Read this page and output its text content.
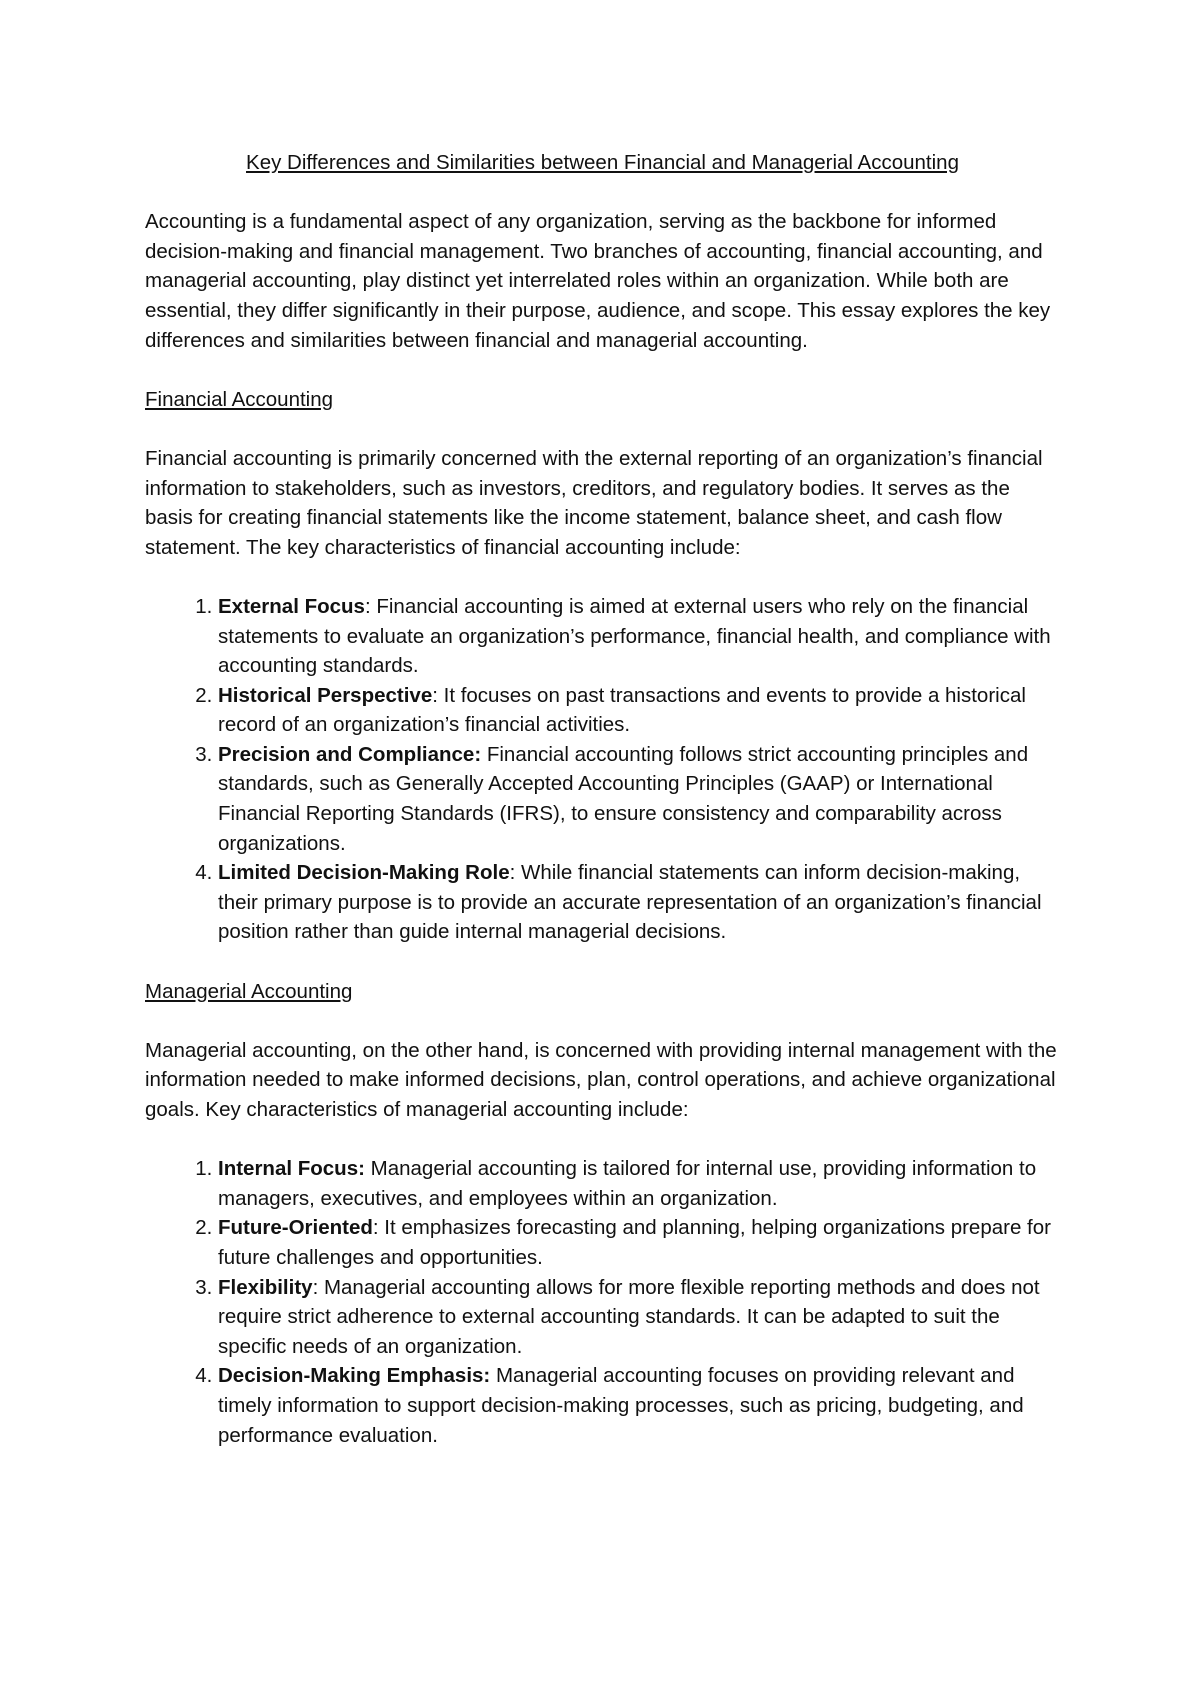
Key Differences and Similarities between Financial and Managerial Accounting

Accounting is a fundamental aspect of any organization, serving as the backbone for informed decision-making and financial management. Two branches of accounting, financial accounting, and managerial accounting, play distinct yet interrelated roles within an organization. While both are essential, they differ significantly in their purpose, audience, and scope. This essay explores the key differences and similarities between financial and managerial accounting.

Financial Accounting

Financial accounting is primarily concerned with the external reporting of an organization’s financial information to stakeholders, such as investors, creditors, and regulatory bodies. It serves as the basis for creating financial statements like the income statement, balance sheet, and cash flow statement. The key characteristics of financial accounting include:

1. External Focus: Financial accounting is aimed at external users who rely on the financial statements to evaluate an organization’s performance, financial health, and compliance with accounting standards.
2. Historical Perspective: It focuses on past transactions and events to provide a historical record of an organization’s financial activities.
3. Precision and Compliance: Financial accounting follows strict accounting principles and standards, such as Generally Accepted Accounting Principles (GAAP) or International Financial Reporting Standards (IFRS), to ensure consistency and comparability across organizations.
4. Limited Decision-Making Role: While financial statements can inform decision-making, their primary purpose is to provide an accurate representation of an organization’s financial position rather than guide internal managerial decisions.
Managerial Accounting

Managerial accounting, on the other hand, is concerned with providing internal management with the information needed to make informed decisions, plan, control operations, and achieve organizational goals. Key characteristics of managerial accounting include:

1. Internal Focus: Managerial accounting is tailored for internal use, providing information to managers, executives, and employees within an organization.
2. Future-Oriented: It emphasizes forecasting and planning, helping organizations prepare for future challenges and opportunities.
3. Flexibility: Managerial accounting allows for more flexible reporting methods and does not require strict adherence to external accounting standards. It can be adapted to suit the specific needs of an organization.
4. Decision-Making Emphasis: Managerial accounting focuses on providing relevant and timely information to support decision-making processes, such as pricing, budgeting, and performance evaluation.
